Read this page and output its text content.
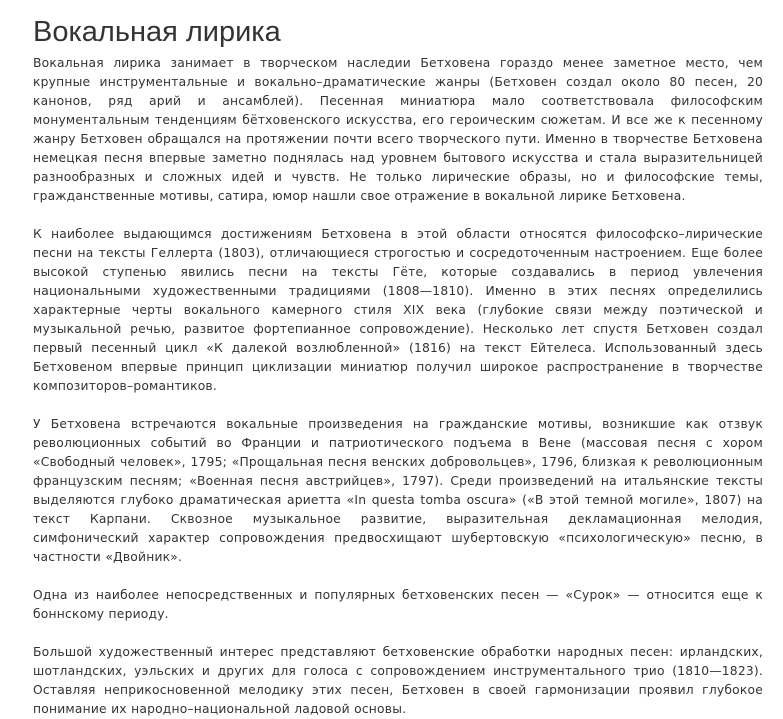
Вокальная лирика

Вокальная лирика занимает в творческом наследии Бетховена гораздо менее заметное место, чем крупные инструментальные и вокально–драматические жанры (Бетховен создал около 80 песен, 20 канонов, ряд арий и ансамблей). Песенная миниатюра мало соответствовала философским монументальным тенденциям бётховенского искусства, его героическим сюжетам. И все же к песенному жанру Бетховен обращался на протяжении почти всего творческого пути. Именно в творчестве Бетховена немецкая песня впервые заметно поднялась над уровнем бытового искусства и стала выразительницей разнообразных и сложных идей и чувств. Не только лирические образы, но и философские темы, гражданственные мотивы, сатира, юмор нашли свое отражение в вокальной лирике Бетховена.

К наиболее выдающимся достижениям Бетховена в этой области относятся философско–лирические песни на тексты Геллерта (1803), отличающиеся строгостью и сосредоточенным настроением. Еще более высокой ступенью явились песни на тексты Гёте, которые создавались в период увлечения национальными художественными традициями (1808—1810). Именно в этих песнях определились характерные черты вокального камерного стиля XIX века (глубокие связи между поэтической и музыкальной речью, развитое фортепианное сопровождение). Несколько лет спустя Бетховен создал первый песенный цикл «К далекой возлюбленной» (1816) на текст Ейтелеса. Использованный здесь Бетховеном впервые принцип циклизации миниатюр получил широкое распространение в творчестве композиторов–романтиков.

У Бетховена встречаются вокальные произведения на гражданские мотивы, возникшие как отзвук революционных событий во Франции и патриотического подъема в Вене (массовая песня с хором «Свободный человек», 1795; «Прощальная песня венских добровольцев», 1796, близкая к революционным французским песням; «Военная песня австрийцев», 1797). Среди произведений на итальянские тексты выделяются глубоко драматическая ариетта «In questa tomba oscura» («В этой темной могиле», 1807) на текст Карпани. Сквозное музыкальное развитие, выразительная декламационная мелодия, симфонический характер сопровождения предвосхищают шубертовскую «психологическую» песню, в частности «Двойник».

Одна из наиболее непосредственных и популярных бетховенских песен — «Сурок» — относится еще к боннскому периоду.

Большой художественный интерес представляют бетховенские обработки народных песен: ирландских, шотландских, уэльских и других для голоса с сопровождением инструментального трио (1810—1823). Оставляя неприкосновенной мелодику этих песен, Бетховен в своей гармонизации проявил глубокое понимание их народно–национальной ладовой основы.
